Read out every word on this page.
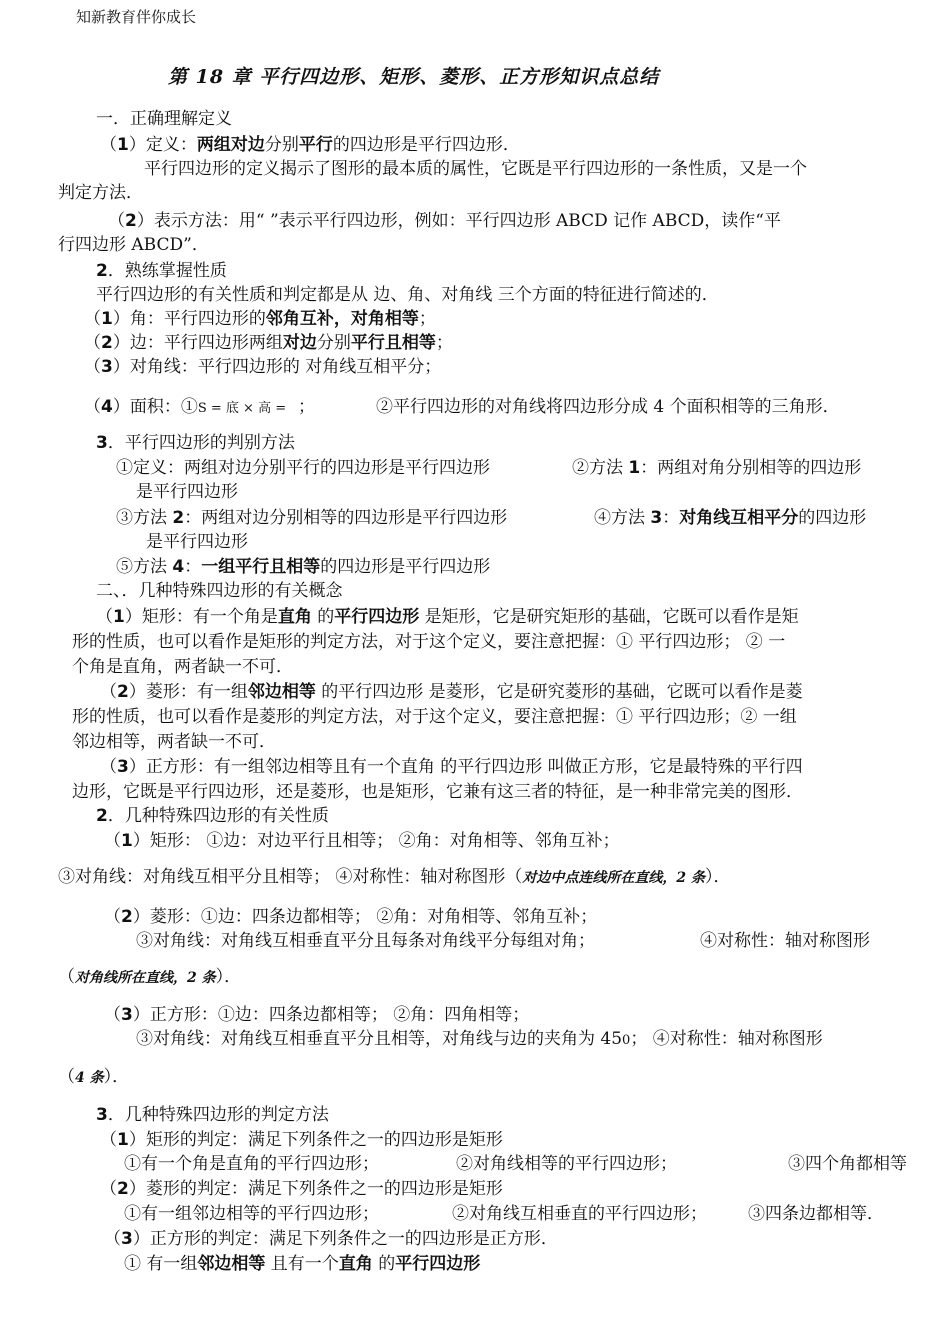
知新教育伴你成长
第 18 章 平行四边形、矩形、菱形、正方形知识点总结
一．正确理解定义
（1）定义：两组对边分别平行的四边形是平行四边形．
平行四边形的定义揭示了图形的最本质的属性，它既是平行四边形的一条性质，又是一个
判定方法．
（2）表示方法：用“ ”表示平行四边形，例如：平行四边形 ABCD 记作 ABCD，读作“平
行四边形 ABCD”．
2．熟练掌握性质
平行四边形的有关性质和判定都是从 边、角、对角线 三个方面的特征进行简述的．
（1）角：平行四边形的邻角互补，对角相等；
（2）边：平行四边形两组对边分别平行且相等；
（3）对角线：平行四边形的 对角线互相平分；
（4）面积：①S = 底 × 高 = ；	②平行四边形的对角线将四边形分成 4 个面积相等的三角形．
3．平行四边形的判别方法
①定义：两组对边分别平行的四边形是平行四边形	②方法 1：两组对角分别相等的四边形
是平行四边形
③方法 2：两组对边分别相等的四边形是平行四边形	④方法 3：对角线互相平分的四边形
是平行四边形
⑤方法 4：一组平行且相等的四边形是平行四边形
二、．几种特殊四边形的有关概念
（1）矩形：有一个角是直角 的平行四边形 是矩形，它是研究矩形的基础，它既可以看作是矩
形的性质，也可以看作是矩形的判定方法，对于这个定义，要注意把握：① 平行四边形； ② 一
个角是直角，两者缺一不可．
（2）菱形：有一组邻边相等 的平行四边形 是菱形，它是研究菱形的基础，它既可以看作是菱
形的性质，也可以看作是菱形的判定方法，对于这个定义，要注意把握：① 平行四边形；② 一组
邻边相等，两者缺一不可．
（3）正方形：有一组邻边相等且有一个直角 的平行四边形 叫做正方形，它是最特殊的平行四
边形，它既是平行四边形，还是菱形，也是矩形，它兼有这三者的特征，是一种非常完美的图形．
2．几种特殊四边形的有关性质
（1）矩形： ①边：对边平行且相等； ②角：对角相等、邻角互补；
③对角线：对角线互相平分且相等； ④对称性：轴对称图形（对边中点连线所在直线，2 条）．
（2）菱形：①边：四条边都相等； ②角：对角相等、邻角互补；
③对角线：对角线互相垂直平分且每条对角线平分每组对角；	④对称性：轴对称图形
（对角线所在直线，2 条）．
（3）正方形：①边：四条边都相等； ②角：四角相等；
③对角线：对角线互相垂直平分且相等，对角线与边的夹角为 450； ④对称性：轴对称图形
（4 条）．
3．几种特殊四边形的判定方法
（1）矩形的判定：满足下列条件之一的四边形是矩形
①有一个角是直角的平行四边形；	②对角线相等的平行四边形；	③四个角都相等
（2）菱形的判定：满足下列条件之一的四边形是矩形
①有一组邻边相等的平行四边形；	②对角线互相垂直的平行四边形； ③四条边都相等．
（3）正方形的判定：满足下列条件之一的四边形是正方形．
① 有一组邻边相等 且有一个直角 的平行四边形
